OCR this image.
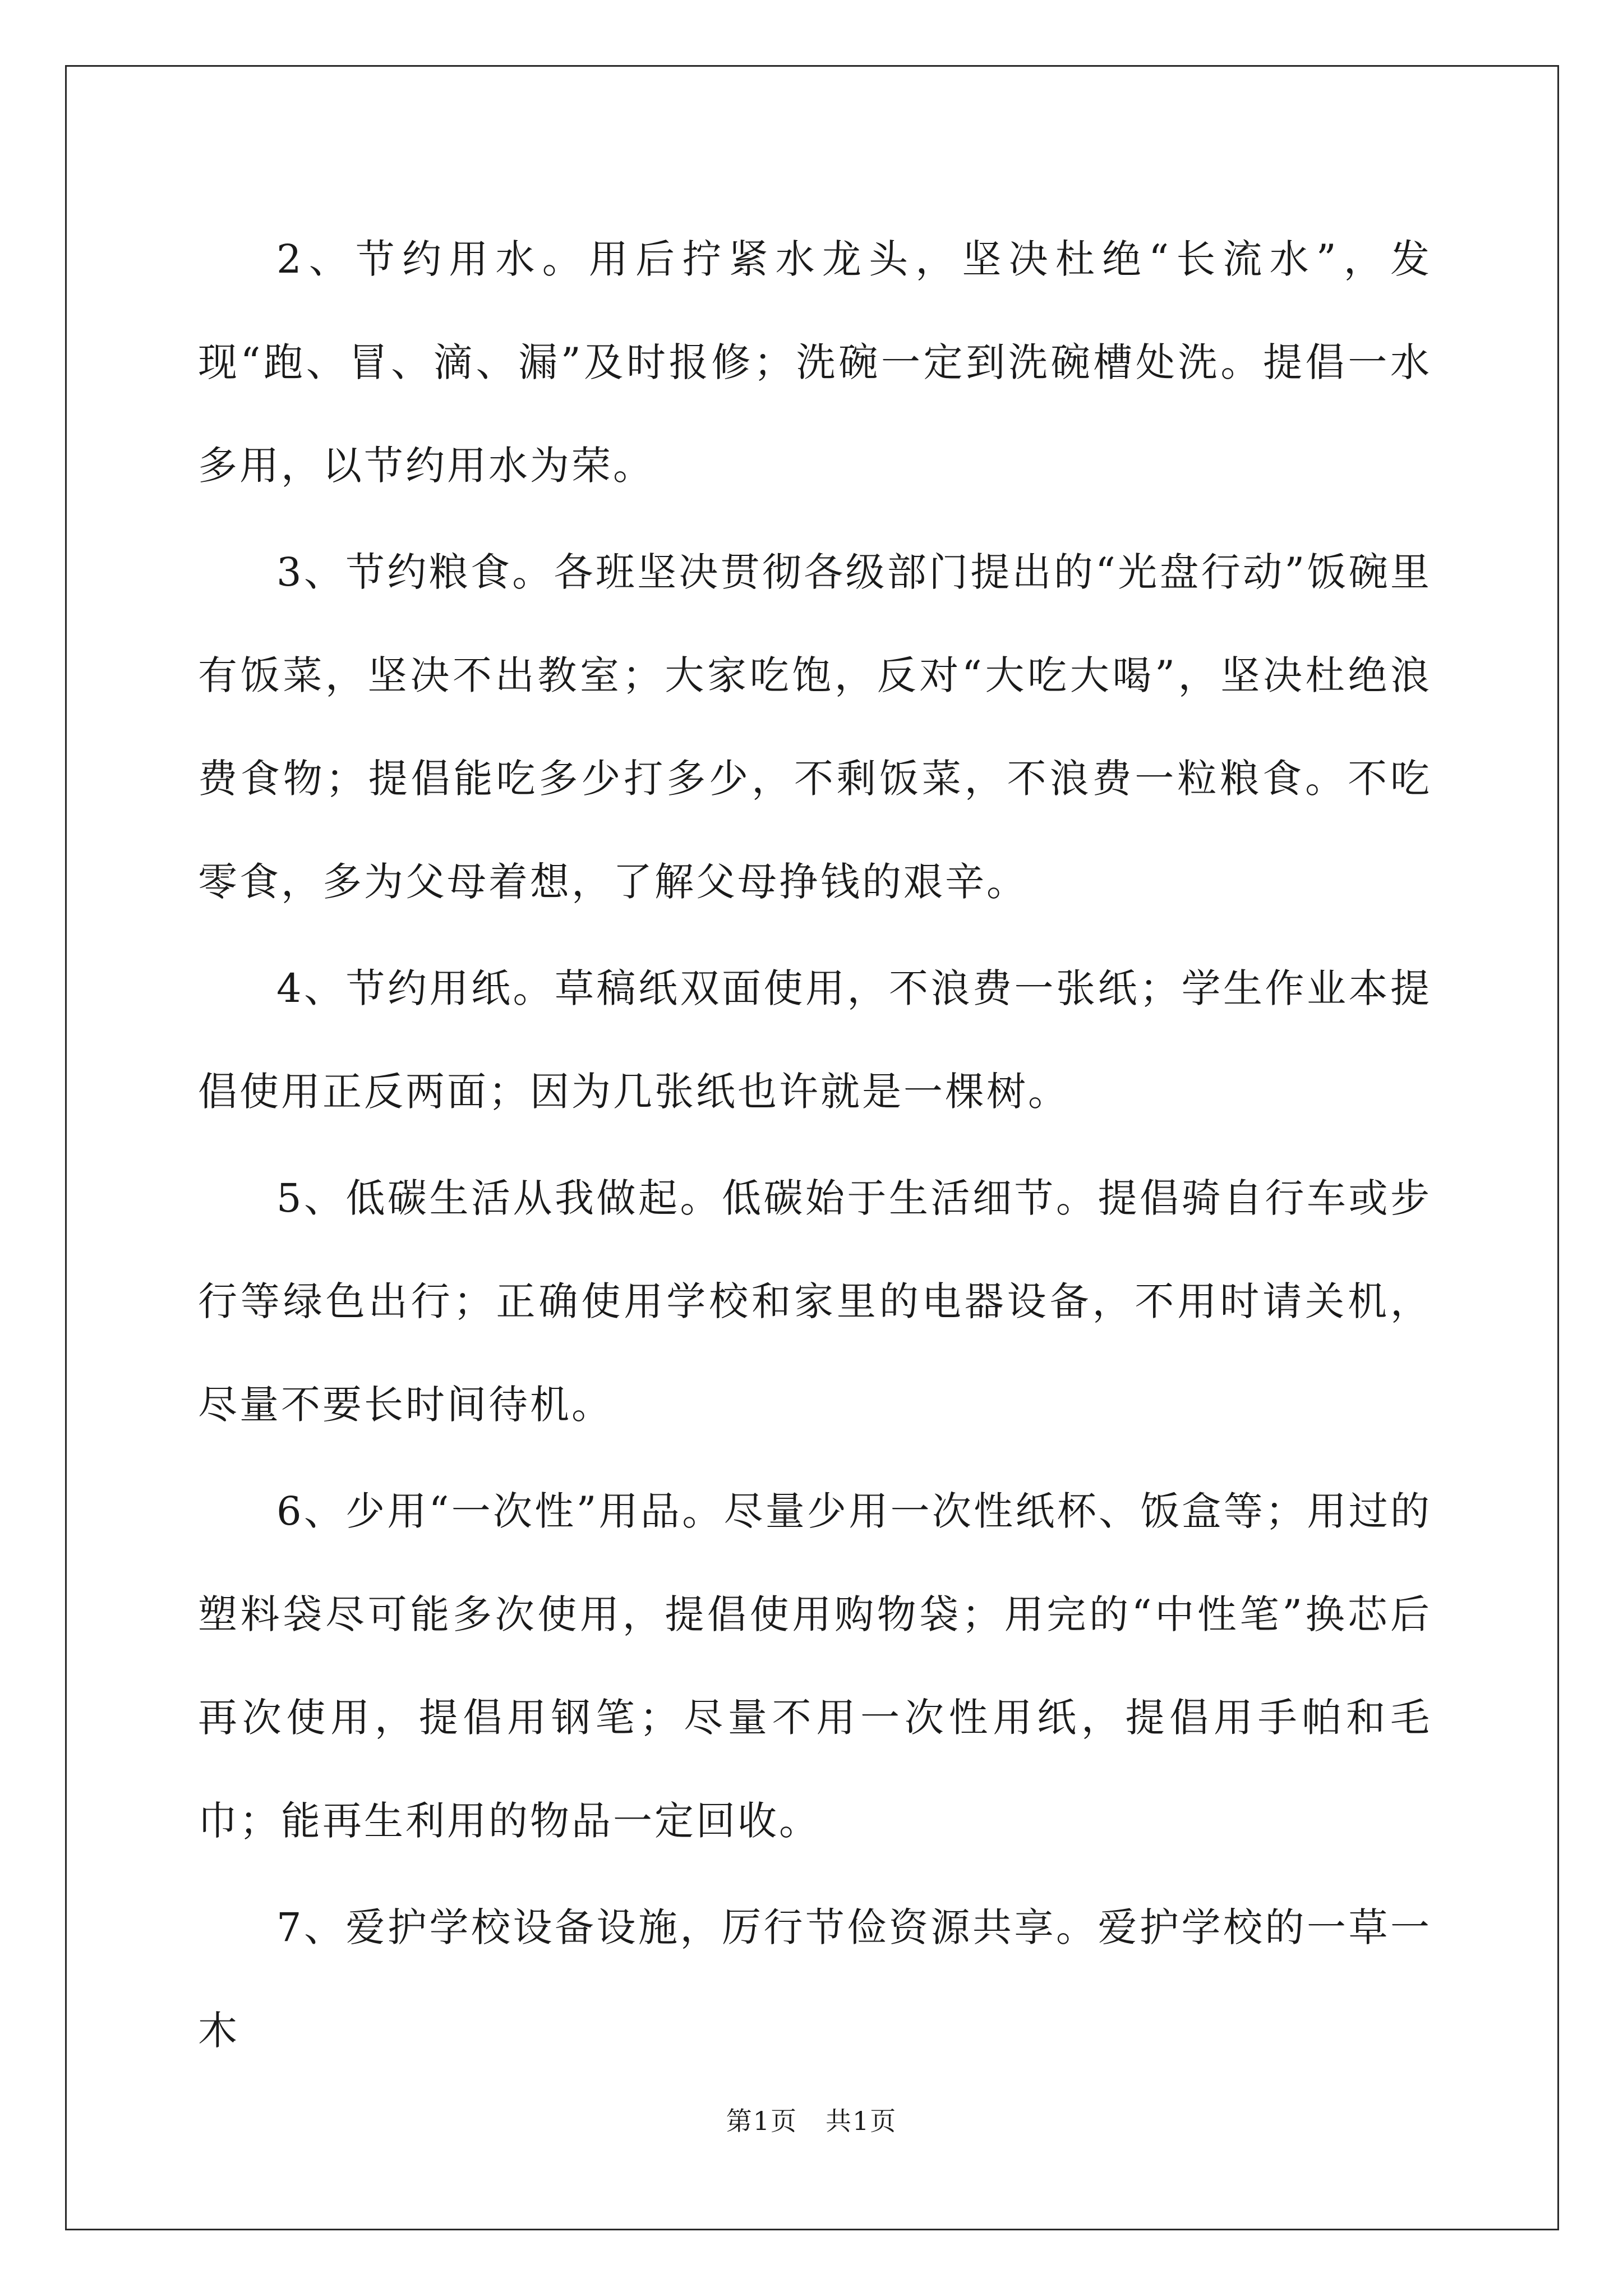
2、节约用水。用后拧紧水龙头，坚决杜绝“长流水”，发现“跑、冒、滴、漏”及时报修；洗碗一定到洗碗槽处洗。提倡一水多用，以节约用水为荣。

3、节约粮食。各班坚决贯彻各级部门提出的“光盘行动”饭碗里有饭菜，坚决不出教室；大家吃饱，反对“大吃大喝”，坚决杜绝浪费食物；提倡能吃多少打多少，不剩饭菜，不浪费一粒粮食。不吃零食，多为父母着想，了解父母挣钱的艰辛。

4、节约用纸。草稿纸双面使用，不浪费一张纸；学生作业本提倡使用正反两面；因为几张纸也许就是一棵树。

5、低碳生活从我做起。低碳始于生活细节。提倡骑自行车或步行等绿色出行；正确使用学校和家里的电器设备，不用时请关机，尽量不要长时间待机。

6、少用“一次性”用品。尽量少用一次性纸杯、饭盒等；用过的塑料袋尽可能多次使用，提倡使用购物袋；用完的“中性笔”换芯后再次使用，提倡用钢笔；尽量不用一次性用纸，提倡用手帕和毛巾；能再生利用的物品一定回收。

7、爱护学校设备设施，厉行节俭资源共享。爱护学校的一草一木

第1页 共1页
